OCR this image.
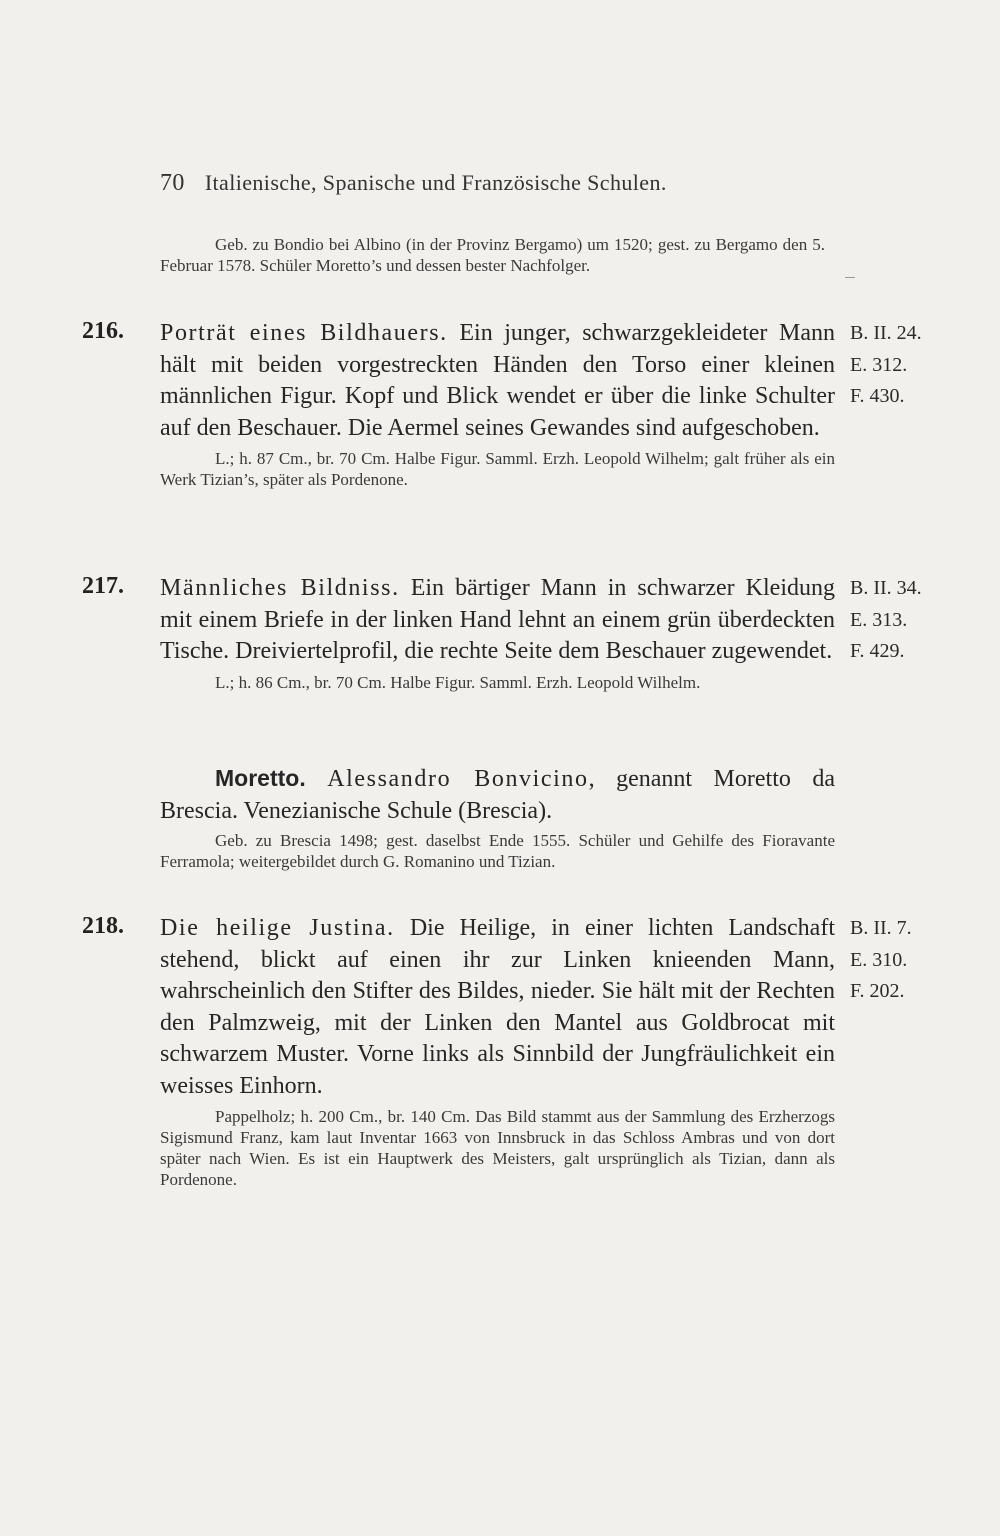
70 Italienische, Spanische und Französische Schulen.
Geb. zu Bondio bei Albino (in der Provinz Bergamo) um 1520; gest. zu Bergamo den 5. Februar 1578. Schüler Moretto’s und dessen bester Nachfolger.
216. Porträt eines Bildhauers. Ein junger, schwarzgekleideter Mann hält mit beiden vorgestreckten Händen den Torso einer kleinen männlichen Figur. Kopf und Blick wendet er über die linke Schulter auf den Beschauer. Die Aermel seines Gewandes sind aufgeschoben.
L.; h. 87 Cm., br. 70 Cm. Halbe Figur. Samml. Erzh. Leopold Wilhelm; galt früher als ein Werk Tizian’s, später als Pordenone.
B. II. 24.
E. 312.
F. 430.
217. Männliches Bildniss. Ein bärtiger Mann in schwarzer Kleidung mit einem Briefe in der linken Hand lehnt an einem grün überdeckten Tische. Dreiviertelprofil, die rechte Seite dem Beschauer zugewendet.
L.; h. 86 Cm., br. 70 Cm. Halbe Figur. Samml. Erzh. Leopold Wilhelm.
B. II. 34.
E. 313.
F. 429.
Moretto. Alessandro Bonvicino, genannt Moretto da Brescia. Venezianische Schule (Brescia).
Geb. zu Brescia 1498; gest. daselbst Ende 1555. Schüler und Gehilfe des Fioravante Ferramola; weitergebildet durch G. Romanino und Tizian.
218. Die heilige Justina. Die Heilige, in einer lichten Landschaft stehend, blickt auf einen ihr zur Linken knieenden Mann, wahrscheinlich den Stifter des Bildes, nieder. Sie hält mit der Rechten den Palmzweig, mit der Linken den Mantel aus Goldbrocat mit schwarzem Muster. Vorne links als Sinnbild der Jungfräulichkeit ein weisses Einhorn.
Pappelholz; h. 200 Cm., br. 140 Cm. Das Bild stammt aus der Sammlung des Erzherzogs Sigismund Franz, kam laut Inventar 1663 von Innsbruck in das Schloss Ambras und von dort später nach Wien. Es ist ein Hauptwerk des Meisters, galt ursprünglich als Tizian, dann als Pordenone.
B. II. 7.
E. 310.
F. 202.
